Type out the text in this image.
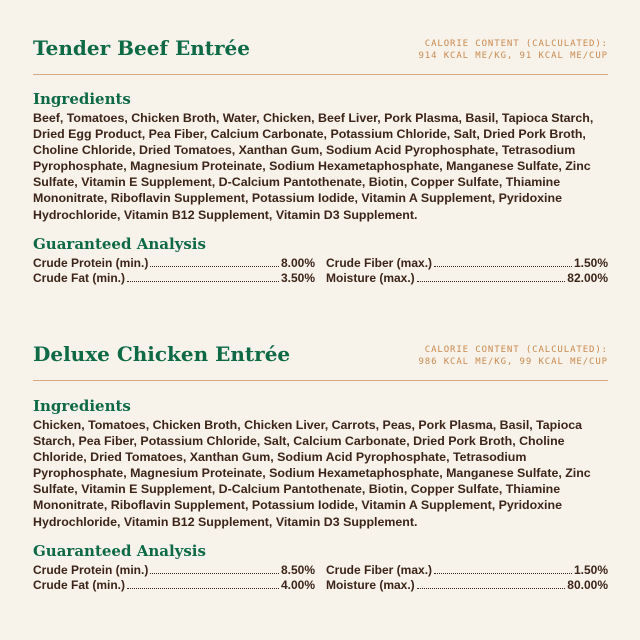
Tender Beef Entrée	CALORIE CONTENT (CALCULATED):
914 KCAL ME/KG, 91 KCAL ME/CUP
Ingredients
Beef, Tomatoes, Chicken Broth, Water, Chicken, Beef Liver, Pork Plasma, Basil, Tapioca Starch, Dried Egg Product, Pea Fiber, Calcium Carbonate, Potassium Chloride, Salt, Dried Pork Broth, Choline Chloride, Dried Tomatoes, Xanthan Gum, Sodium Acid Pyrophosphate, Tetrasodium Pyrophosphate, Magnesium Proteinate, Sodium Hexametaphosphate, Manganese Sulfate, Zinc Sulfate, Vitamin E Supplement, D-Calcium Pantothenate, Biotin, Copper Sulfate, Thiamine Mononitrate, Riboflavin Supplement, Potassium Iodide, Vitamin A Supplement, Pyridoxine Hydrochloride, Vitamin B12 Supplement, Vitamin D3 Supplement.
Guaranteed Analysis
Crude Protein (min.)	8.00%
Crude Fat (min.)	3.50%
Crude Fiber (max.)	1.50%
Moisture (max.)	82.00%
Deluxe Chicken Entrée	CALORIE CONTENT (CALCULATED):
986 KCAL ME/KG, 99 KCAL ME/CUP
Ingredients
Chicken, Tomatoes, Chicken Broth, Chicken Liver, Carrots, Peas, Pork Plasma, Basil, Tapioca Starch, Pea Fiber, Potassium Chloride, Salt, Calcium Carbonate, Dried Pork Broth, Choline Chloride, Dried Tomatoes, Xanthan Gum, Sodium Acid Pyrophosphate, Tetrasodium Pyrophosphate, Magnesium Proteinate, Sodium Hexametaphosphate, Manganese Sulfate, Zinc Sulfate, Vitamin E Supplement, D-Calcium Pantothenate, Biotin, Copper Sulfate, Thiamine Mononitrate, Riboflavin Supplement, Potassium Iodide, Vitamin A Supplement, Pyridoxine Hydrochloride, Vitamin B12 Supplement, Vitamin D3 Supplement.
Guaranteed Analysis
Crude Protein (min.)	8.50%
Crude Fat (min.)	4.00%
Crude Fiber (max.)	1.50%
Moisture (max.)	80.00%
